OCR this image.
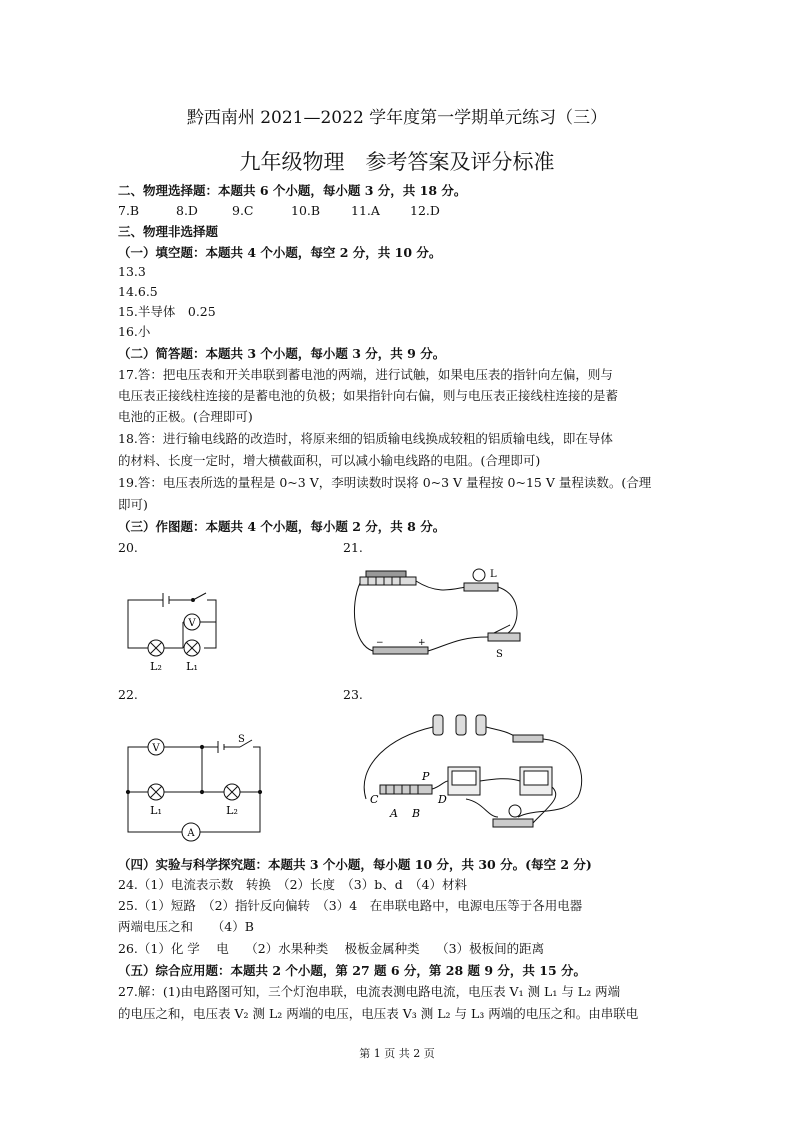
黔西南州 2021—2022 学年度第一学期单元练习（三）
九年级物理　参考答案及评分标准
二、物理选择题：本题共 6 个小题，每小题 3 分，共 18 分。
7.B	8.D	9.C	10.B 11.A 12.D
三、物理非选择题
（一）填空题：本题共 4 个小题，每空 2 分，共 10 分。
13.3
14.6.5
15.半导体　0.25
16.小
（二）简答题：本题共 3 个小题，每小题 3 分，共 9 分。
17.答：把电压表和开关串联到蓄电池的两端，进行试触，如果电压表的指针向左偏，则与
电压表正接线柱连接的是蓄电池的负极；如果指针向右偏，则与电压表正接线柱连接的是蓄
电池的正极。(合理即可)
18.答：进行输电线路的改造时，将原来细的铝质输电线换成较粗的铝质输电线，即在导体
的材料、长度一定时，增大横截面积，可以减小输电线路的电阻。(合理即可)
19.答：电压表所选的量程是 0~3 V，李明读数时误将 0~3 V 量程按 0~15 V 量程读数。(合理
即可)
（三）作图题：本题共 4 个小题，每小题 2 分，共 8 分。
20.	21.
V
L₂ L₁
L
S
−	+
22.	23.
V
A
S
L₁	L₂
P
C	D
A B
（四）实验与科学探究题：本题共 3 个小题，每小题 10 分，共 30 分。(每空 2 分)
24.（1）电流表示数　转换　（2）长度　（3）b、d　（4）材料
25.（1）短路　（2）指针反向偏转　（3）4　在串联电路中，电源电压等于各用电器
两端电压之和　　（4）B
26.（1）化 学　 电　 （2）水果种类　 极板金属种类　 （3）极板间的距离
（五）综合应用题：本题共 2 个小题，第 27 题 6 分，第 28 题 9 分，共 15 分。
27.解：(1)由电路图可知，三个灯泡串联，电流表测电路电流，电压表 V₁ 测 L₁ 与 L₂ 两端
的电压之和，电压表 V₂ 测 L₂ 两端的电压，电压表 V₃ 测 L₂ 与 L₃ 两端的电压之和。由串联电
第 1 页 共 2 页
